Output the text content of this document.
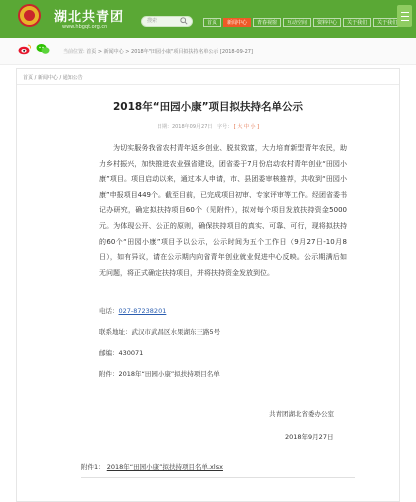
湖北共青团
www.hbgqt.org.cn
搜索	首页	新闻中心	青春视窗	互动空间	资料中心	关于我们	关于我们
当前位置: 首页 > 新闻中心 > 2018年"田园小康"项目拟扶持名单公示 [2018-09-27]
首页 / 新闻中心 / 通知公告
2018年“田园小康”项目拟扶持名单公示
日期：2018年09月27日 字号： [ 大 中 小 ]
为切实服务我省农村青年返乡创业、脱贫致富，大力培育新型青年农民，助力乡村振兴，加快推进农业强省建设，团省委于7月份启动农村青年创业“田园小康”项目。项目启动以来，通过本人申请，市、县团委审核推荐，共收到“田园小康”申报项目449个。截至目前，已完成项目初审、专家评审等工作。经团省委书记办研究，确定拟扶持项目60个（见附件），拟对每个项目发放扶持资金5000元。为体现公开、公正的原则，确保扶持项目的真实、可靠、可行，现将拟扶持的60个“田园小康”项目予以公示，公示时间为五个工作日（9月27日-10月8日），如有异议，请在公示期内向省青年创业就业促进中心反映。公示期满后如无问题，将正式确定扶持项目，并将扶持资金发放到位。
电话：027-87238201
联系地址：武汉市武昌区水果湖东三路5号
邮编：430071
附件：2018年“田园小康”拟扶持项目名单
共青团湖北省委办公室
2018年9月27日
附件1： 2018年“田园小康”拟扶持项目名单.xlsx
